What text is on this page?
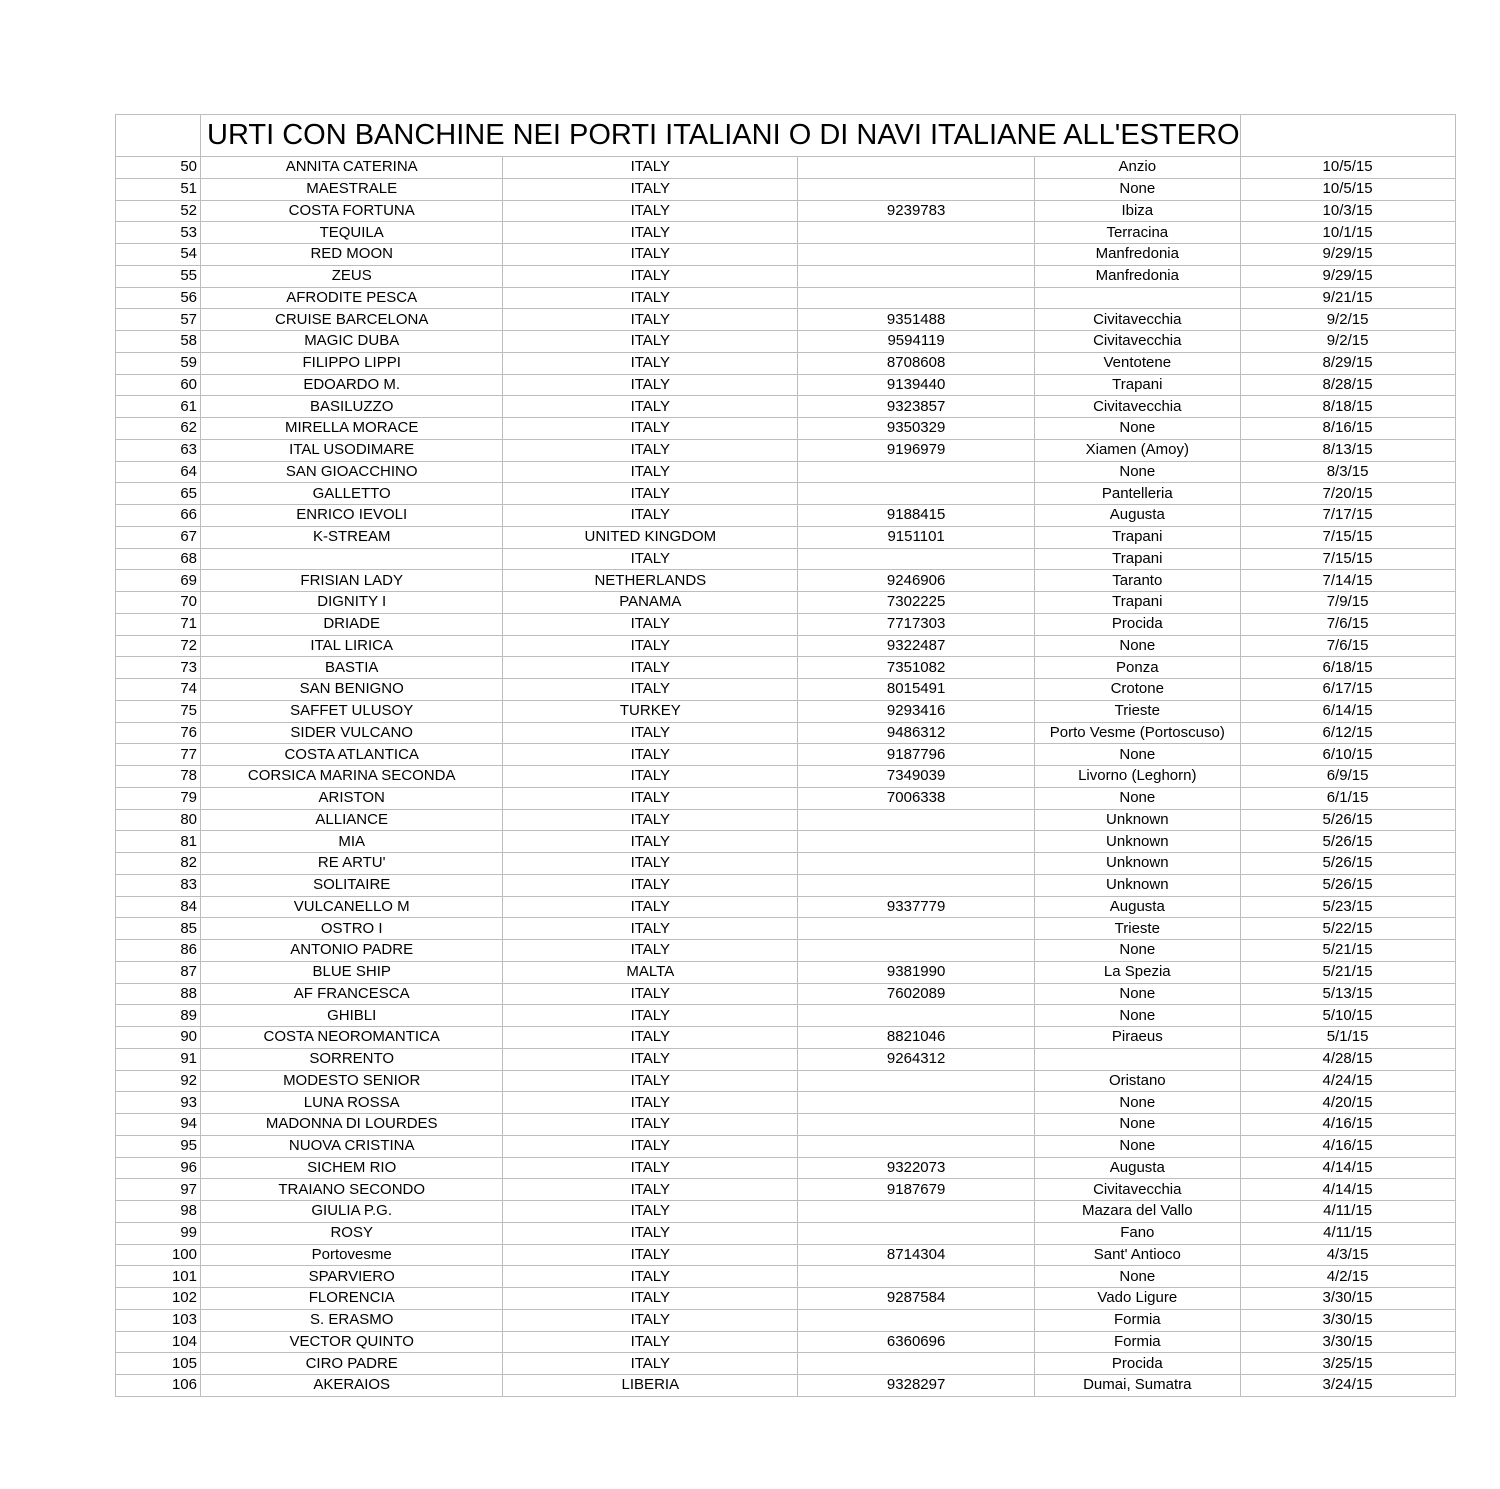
	URTI CON BANCHINE NEI PORTI ITALIANI O DI NAVI ITALIANE ALL'ESTERO				
50	ANNITA CATERINA	ITALY		Anzio	10/5/15
51	MAESTRALE	ITALY		None	10/5/15
52	COSTA FORTUNA	ITALY	9239783	Ibiza	10/3/15
53	TEQUILA	ITALY		Terracina	10/1/15
54	RED MOON	ITALY		Manfredonia	9/29/15
55	ZEUS	ITALY		Manfredonia	9/29/15
56	AFRODITE PESCA	ITALY			9/21/15
57	CRUISE BARCELONA	ITALY	9351488	Civitavecchia	9/2/15
58	MAGIC DUBA	ITALY	9594119	Civitavecchia	9/2/15
59	FILIPPO LIPPI	ITALY	8708608	Ventotene	8/29/15
60	EDOARDO M.	ITALY	9139440	Trapani	8/28/15
61	BASILUZZO	ITALY	9323857	Civitavecchia	8/18/15
62	MIRELLA MORACE	ITALY	9350329	None	8/16/15
63	ITAL USODIMARE	ITALY	9196979	Xiamen (Amoy)	8/13/15
64	SAN GIOACCHINO	ITALY		None	8/3/15
65	GALLETTO	ITALY		Pantelleria	7/20/15
66	ENRICO IEVOLI	ITALY	9188415	Augusta	7/17/15
67	K-STREAM	UNITED KINGDOM	9151101	Trapani	7/15/15
68		ITALY		Trapani	7/15/15
69	FRISIAN LADY	NETHERLANDS	9246906	Taranto	7/14/15
70	DIGNITY I	PANAMA	7302225	Trapani	7/9/15
71	DRIADE	ITALY	7717303	Procida	7/6/15
72	ITAL LIRICA	ITALY	9322487	None	7/6/15
73	BASTIA	ITALY	7351082	Ponza	6/18/15
74	SAN BENIGNO	ITALY	8015491	Crotone	6/17/15
75	SAFFET ULUSOY	TURKEY	9293416	Trieste	6/14/15
76	SIDER VULCANO	ITALY	9486312	Porto Vesme (Portoscuso)	6/12/15
77	COSTA ATLANTICA	ITALY	9187796	None	6/10/15
78	CORSICA MARINA SECONDA	ITALY	7349039	Livorno (Leghorn)	6/9/15
79	ARISTON	ITALY	7006338	None	6/1/15
80	ALLIANCE	ITALY		Unknown	5/26/15
81	MIA	ITALY		Unknown	5/26/15
82	RE ARTU'	ITALY		Unknown	5/26/15
83	SOLITAIRE	ITALY		Unknown	5/26/15
84	VULCANELLO M	ITALY	9337779	Augusta	5/23/15
85	OSTRO I	ITALY		Trieste	5/22/15
86	ANTONIO PADRE	ITALY		None	5/21/15
87	BLUE SHIP	MALTA	9381990	La Spezia	5/21/15
88	AF FRANCESCA	ITALY	7602089	None	5/13/15
89	GHIBLI	ITALY		None	5/10/15
90	COSTA NEOROMANTICA	ITALY	8821046	Piraeus	5/1/15
91	SORRENTO	ITALY	9264312		4/28/15
92	MODESTO SENIOR	ITALY		Oristano	4/24/15
93	LUNA ROSSA	ITALY		None	4/20/15
94	MADONNA DI LOURDES	ITALY		None	4/16/15
95	NUOVA CRISTINA	ITALY		None	4/16/15
96	SICHEM RIO	ITALY	9322073	Augusta	4/14/15
97	TRAIANO SECONDO	ITALY	9187679	Civitavecchia	4/14/15
98	GIULIA P.G.	ITALY		Mazara del Vallo	4/11/15
99	ROSY	ITALY		Fano	4/11/15
100	Portovesme	ITALY	8714304	Sant' Antioco	4/3/15
101	SPARVIERO	ITALY		None	4/2/15
102	FLORENCIA	ITALY	9287584	Vado Ligure	3/30/15
103	S. ERASMO	ITALY		Formia	3/30/15
104	VECTOR QUINTO	ITALY	6360696	Formia	3/30/15
105	CIRO PADRE	ITALY		Procida	3/25/15
106	AKERAIOS	LIBERIA	9328297	Dumai, Sumatra	3/24/15
